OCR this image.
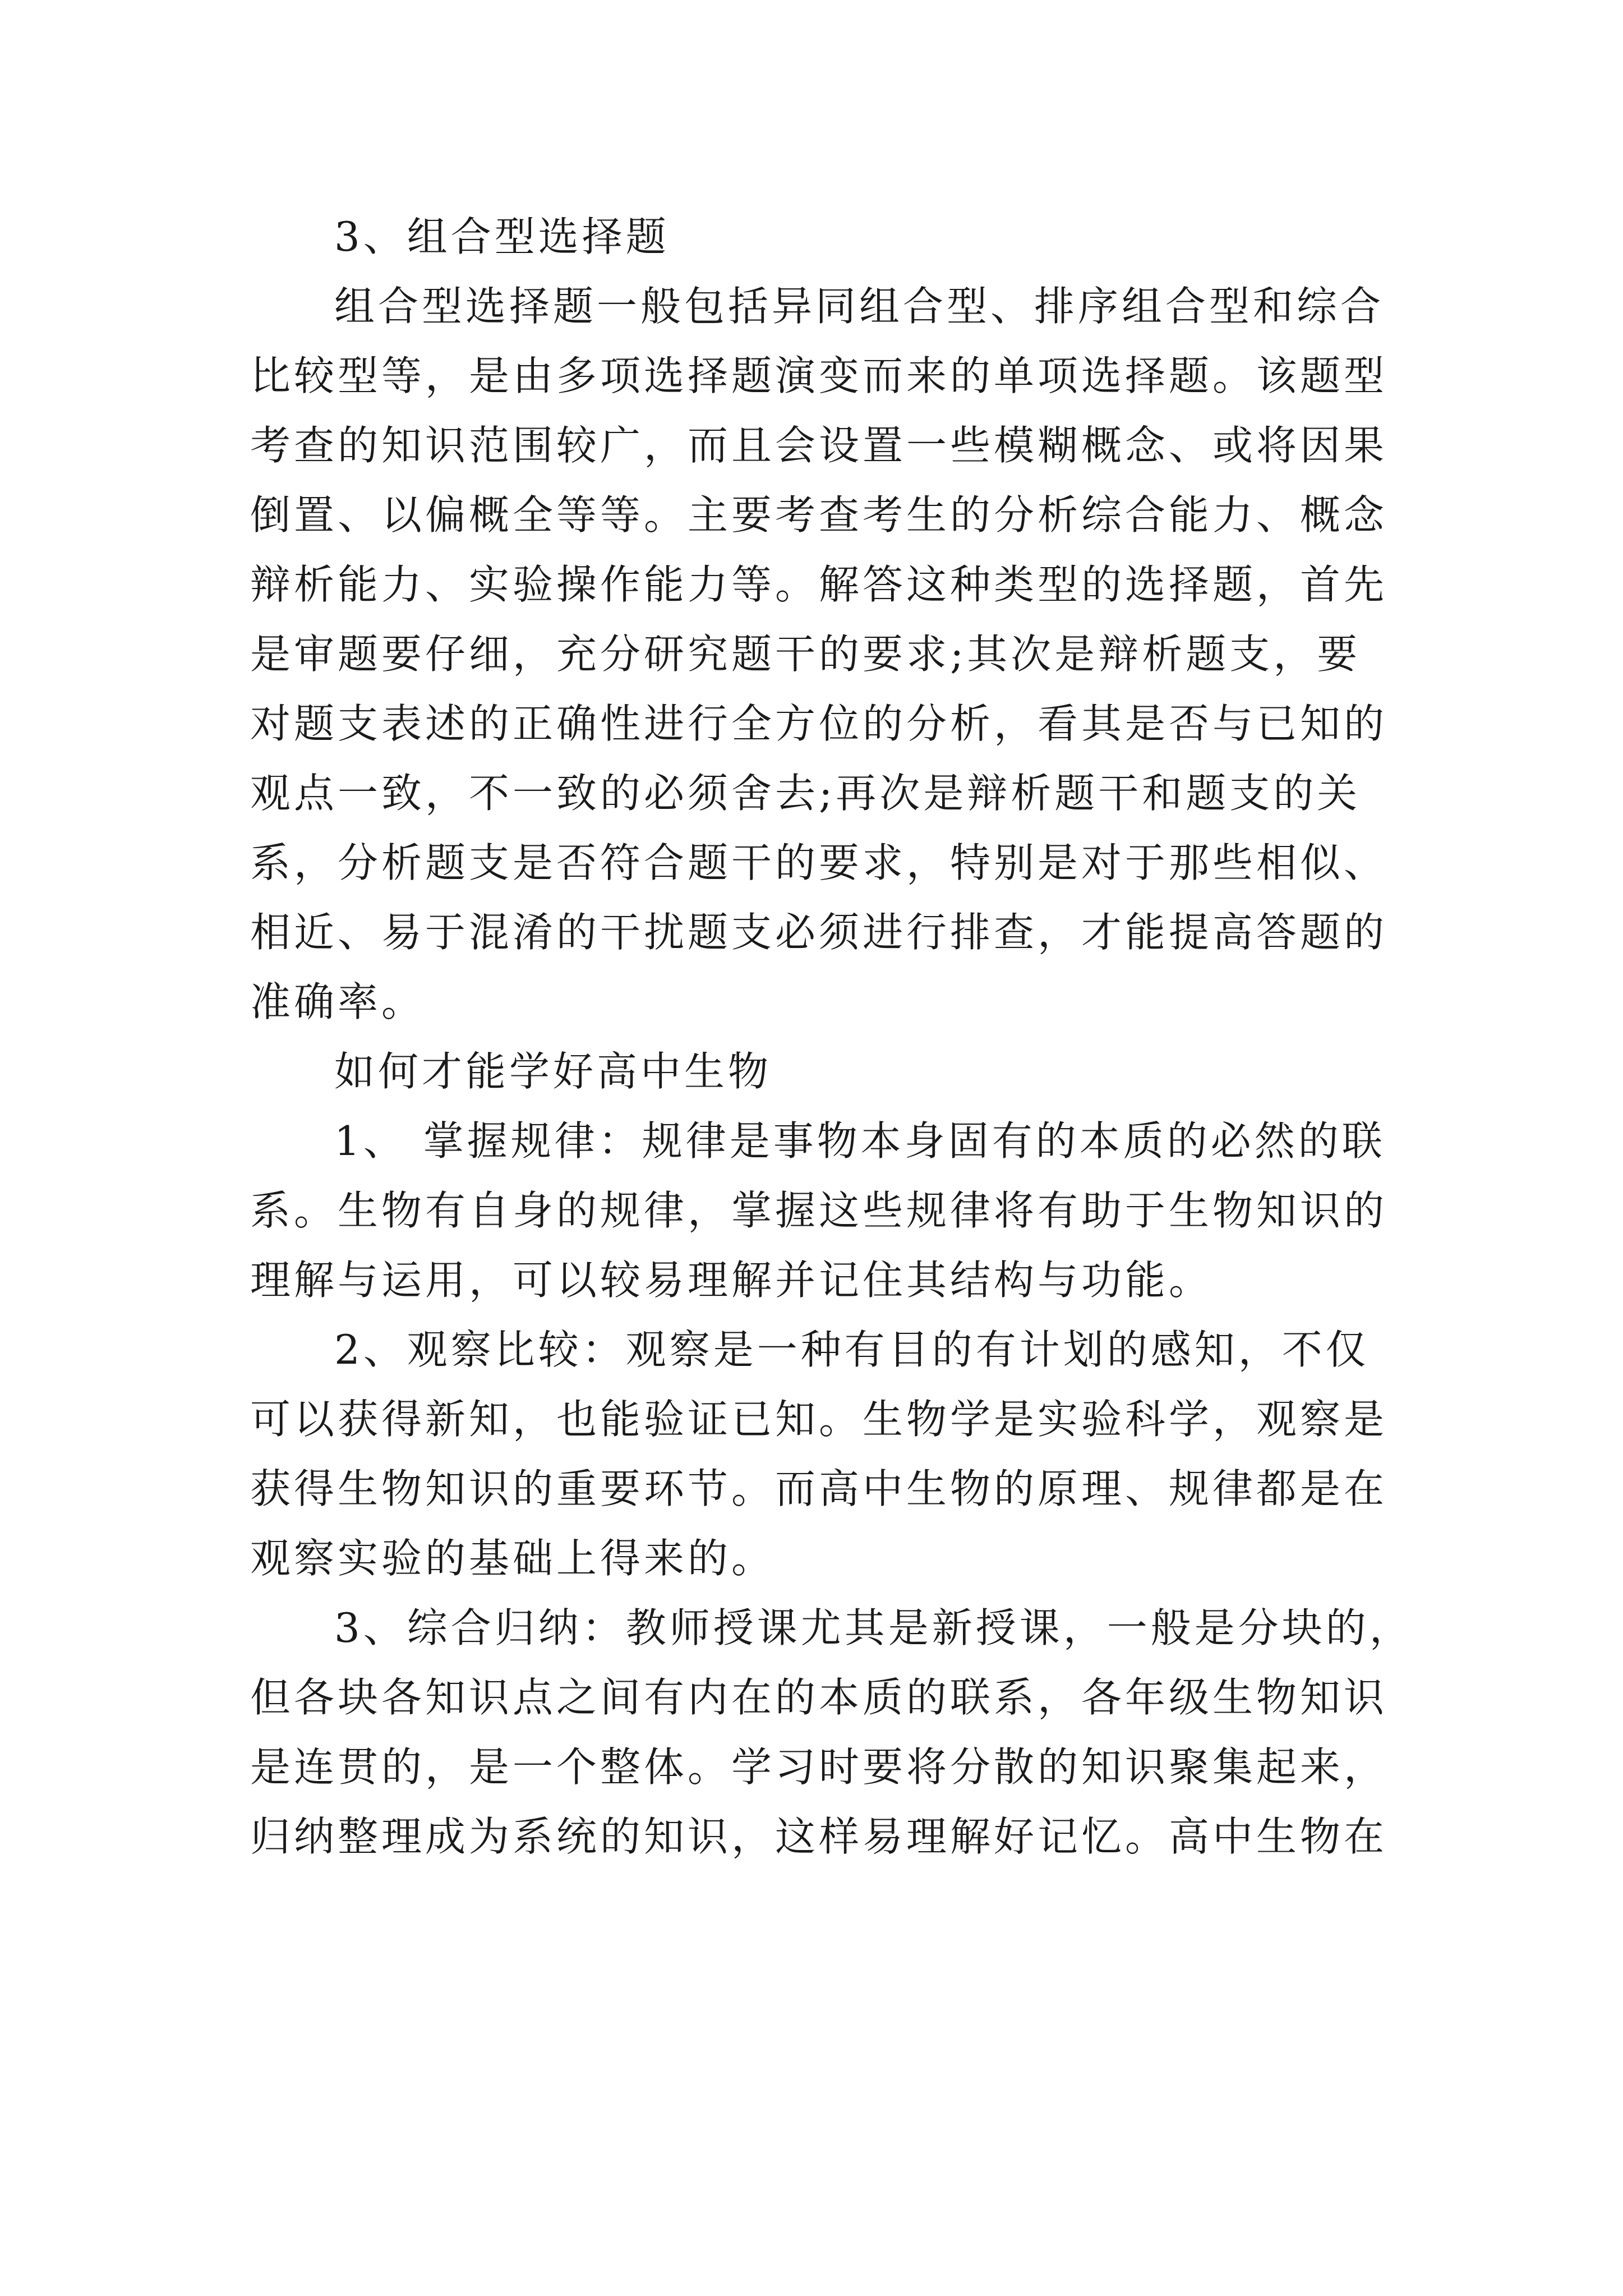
3、组合型选择题
组合型选择题一般包括异同组合型、排序组合型和综合
比较型等，是由多项选择题演变而来的单项选择题。该题型
考查的知识范围较广，而且会设置一些模糊概念、或将因果
倒置、以偏概全等等。主要考查考生的分析综合能力、概念
辩析能力、实验操作能力等。解答这种类型的选择题，首先
是审题要仔细，充分研究题干的要求;其次是辩析题支，要
对题支表述的正确性进行全方位的分析，看其是否与已知的
观点一致，不一致的必须舍去;再次是辩析题干和题支的关
系，分析题支是否符合题干的要求，特别是对于那些相似、
相近、易于混淆的干扰题支必须进行排查，才能提高答题的
准确率。
如何才能学好高中生物
1、 掌握规律：规律是事物本身固有的本质的必然的联
系。生物有自身的规律，掌握这些规律将有助于生物知识的
理解与运用，可以较易理解并记住其结构与功能。
2、观察比较：观察是一种有目的有计划的感知，不仅
可以获得新知，也能验证已知。生物学是实验科学，观察是
获得生物知识的重要环节。而高中生物的原理、规律都是在
观察实验的基础上得来的。
3、综合归纳：教师授课尤其是新授课，一般是分块的，
但各块各知识点之间有内在的本质的联系，各年级生物知识
是连贯的，是一个整体。学习时要将分散的知识聚集起来，
归纳整理成为系统的知识，这样易理解好记忆。高中生物在
